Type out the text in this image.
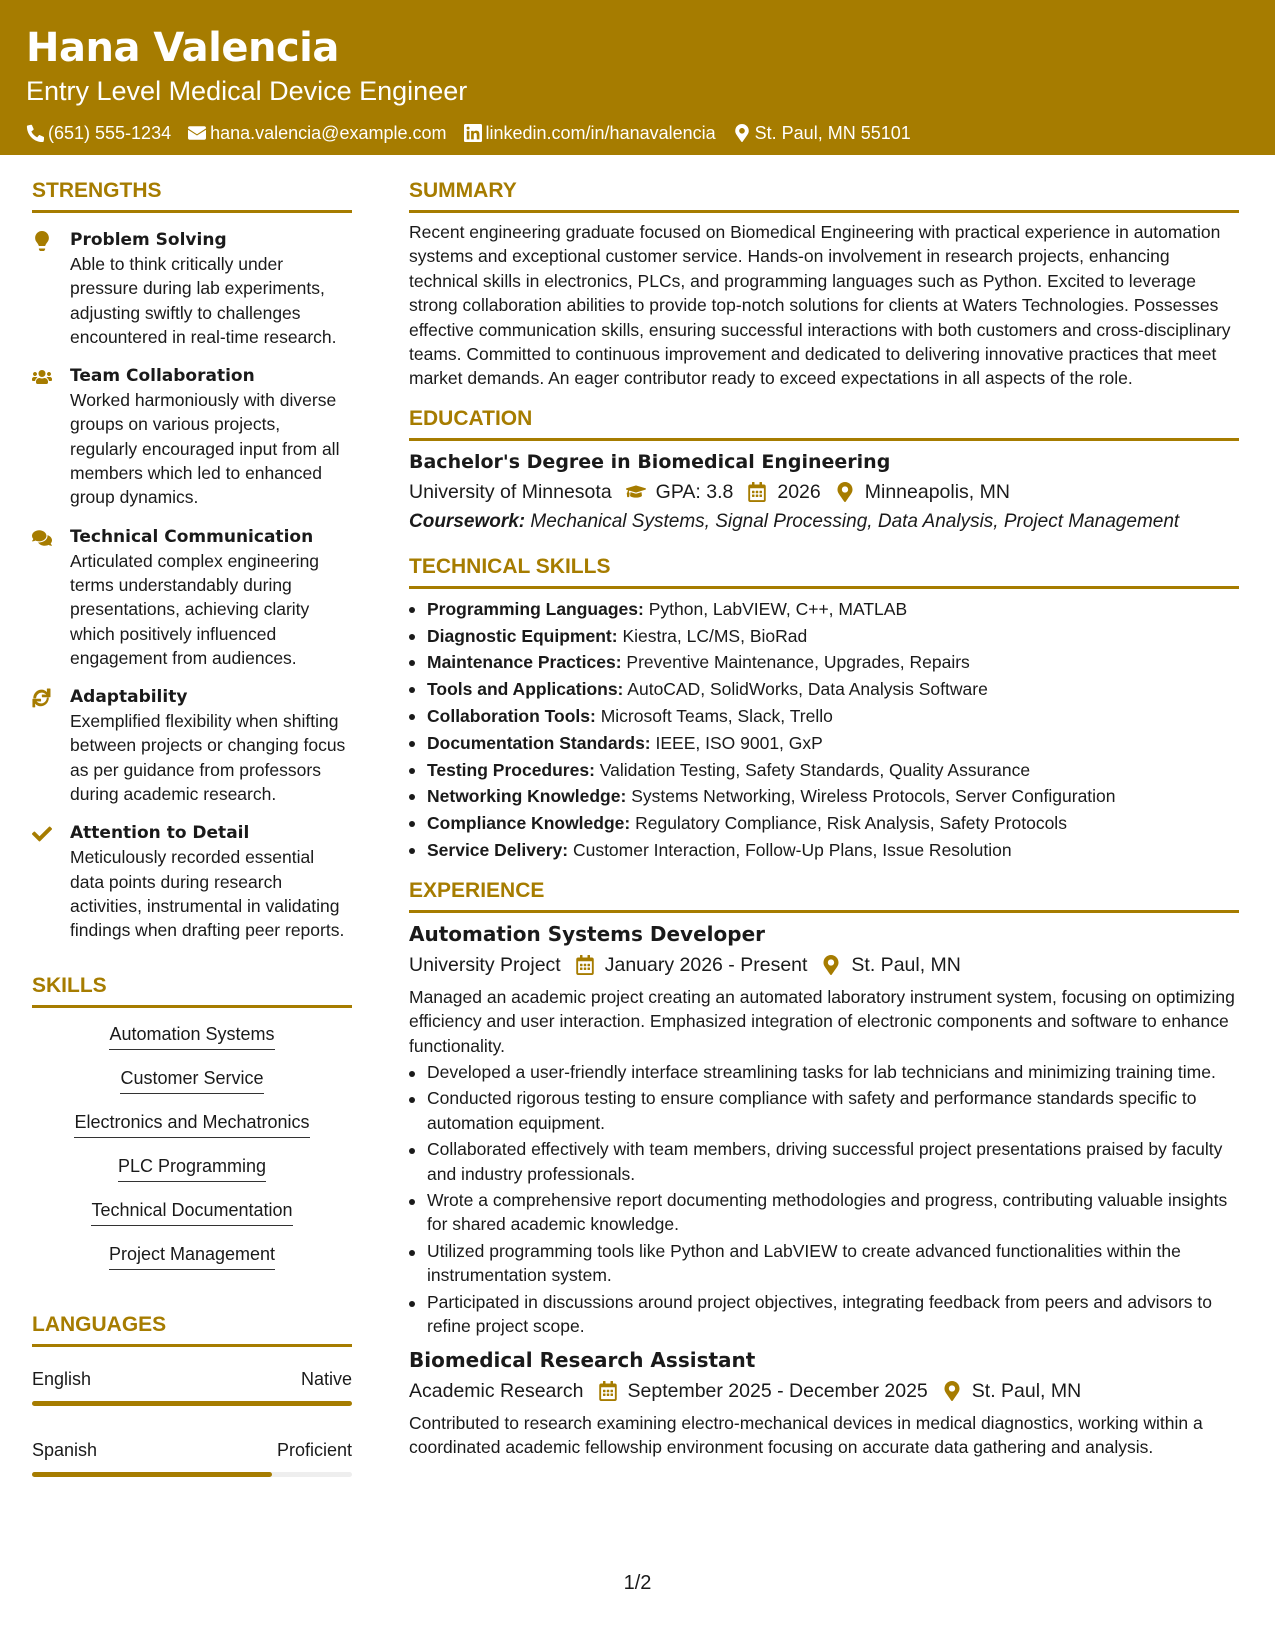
Hana Valencia
Entry Level Medical Device Engineer
(651) 555-1234 hana.valencia@example.com linkedin.com/in/hanavalencia St. Paul, MN 55101
STRENGTHS
Problem Solving
Able to think critically under pressure during lab experiments, adjusting swiftly to challenges encountered in real-time research.
Team Collaboration
Worked harmoniously with diverse groups on various projects, regularly encouraged input from all members which led to enhanced group dynamics.
Technical Communication
Articulated complex engineering terms understandably during presentations, achieving clarity which positively influenced engagement from audiences.
Adaptability
Exemplified flexibility when shifting between projects or changing focus as per guidance from professors during academic research.
Attention to Detail
Meticulously recorded essential data points during research activities, instrumental in validating findings when drafting peer reports.
SKILLS
Automation Systems
Customer Service
Electronics and Mechatronics
PLC Programming
Technical Documentation
Project Management
LANGUAGES
English	Native
Spanish	Proficient
SUMMARY
Recent engineering graduate focused on Biomedical Engineering with practical experience in automation systems and exceptional customer service. Hands-on involvement in research projects, enhancing technical skills in electronics, PLCs, and programming languages such as Python. Excited to leverage strong collaboration abilities to provide top-notch solutions for clients at Waters Technologies. Possesses effective communication skills, ensuring successful interactions with both customers and cross-disciplinary teams. Committed to continuous improvement and dedicated to delivering innovative practices that meet market demands. An eager contributor ready to exceed expectations in all aspects of the role.
EDUCATION
Bachelor's Degree in Biomedical Engineering
University of Minnesota GPA: 3.8 2026 Minneapolis, MN
Coursework: Mechanical Systems, Signal Processing, Data Analysis, Project Management
TECHNICAL SKILLS
Programming Languages: Python, LabVIEW, C++, MATLAB
Diagnostic Equipment: Kiestra, LC/MS, BioRad
Maintenance Practices: Preventive Maintenance, Upgrades, Repairs
Tools and Applications: AutoCAD, SolidWorks, Data Analysis Software
Collaboration Tools: Microsoft Teams, Slack, Trello
Documentation Standards: IEEE, ISO 9001, GxP
Testing Procedures: Validation Testing, Safety Standards, Quality Assurance
Networking Knowledge: Systems Networking, Wireless Protocols, Server Configuration
Compliance Knowledge: Regulatory Compliance, Risk Analysis, Safety Protocols
Service Delivery: Customer Interaction, Follow-Up Plans, Issue Resolution
EXPERIENCE
Automation Systems Developer
University Project January 2026 - Present St. Paul, MN
Managed an academic project creating an automated laboratory instrument system, focusing on optimizing efficiency and user interaction. Emphasized integration of electronic components and software to enhance functionality.
Developed a user-friendly interface streamlining tasks for lab technicians and minimizing training time.
Conducted rigorous testing to ensure compliance with safety and performance standards specific to automation equipment.
Collaborated effectively with team members, driving successful project presentations praised by faculty and industry professionals.
Wrote a comprehensive report documenting methodologies and progress, contributing valuable insights for shared academic knowledge.
Utilized programming tools like Python and LabVIEW to create advanced functionalities within the instrumentation system.
Participated in discussions around project objectives, integrating feedback from peers and advisors to refine project scope.
Biomedical Research Assistant
Academic Research September 2025 - December 2025 St. Paul, MN
Contributed to research examining electro-mechanical devices in medical diagnostics, working within a coordinated academic fellowship environment focusing on accurate data gathering and analysis.
1/2
